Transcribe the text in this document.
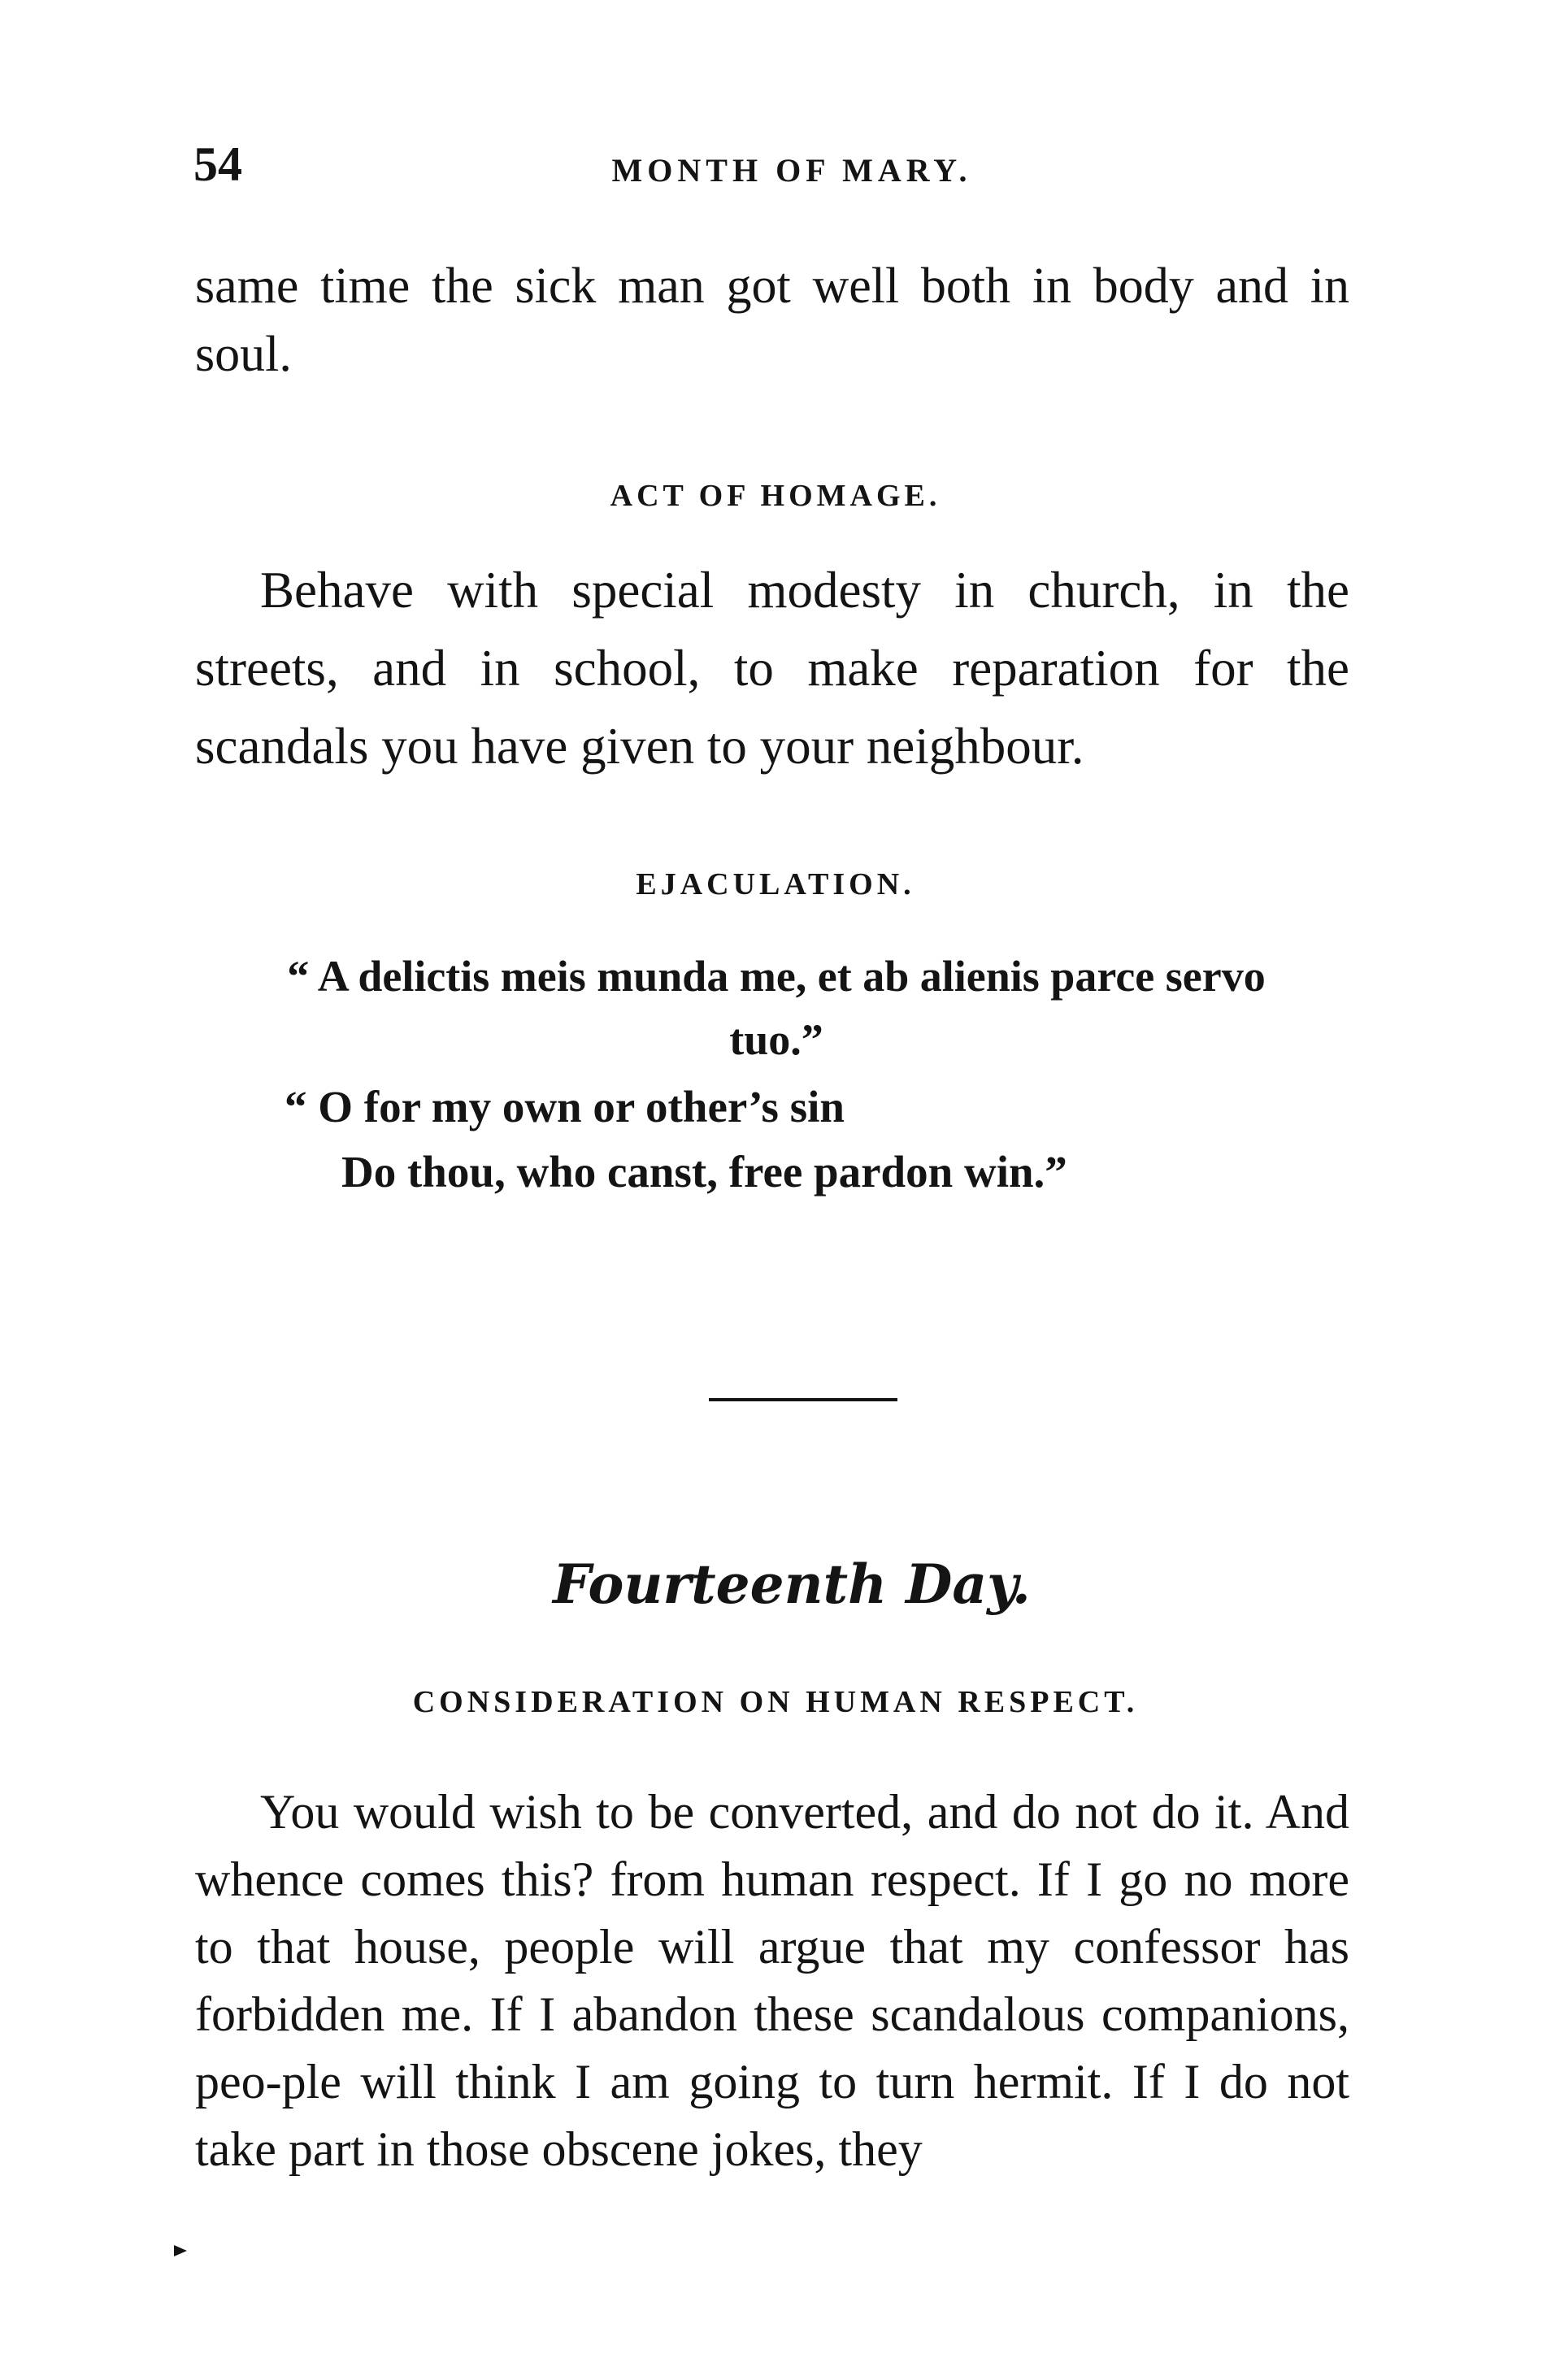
54	MONTH OF MARY.
same time the sick man got well both in body and in soul.
ACT OF HOMAGE.
Behave with special modesty in church, in the streets, and in school, to make reparation for the scandals you have given to your neighbour.
EJACULATION.
“ A delictis meis munda me, et ab alienis parce servo tuo.”
“ O for my own or other’s sin
Do thou, who canst, free pardon win.”
Fourteenth Day.
CONSIDERATION ON HUMAN RESPECT.
You would wish to be converted, and do not do it. And whence comes this? from human respect. If I go no more to that house, people will argue that my confessor has forbidden me. If I abandon these scandalous companions, peo-ple will think I am going to turn hermit. If I do not take part in those obscene jokes, they
